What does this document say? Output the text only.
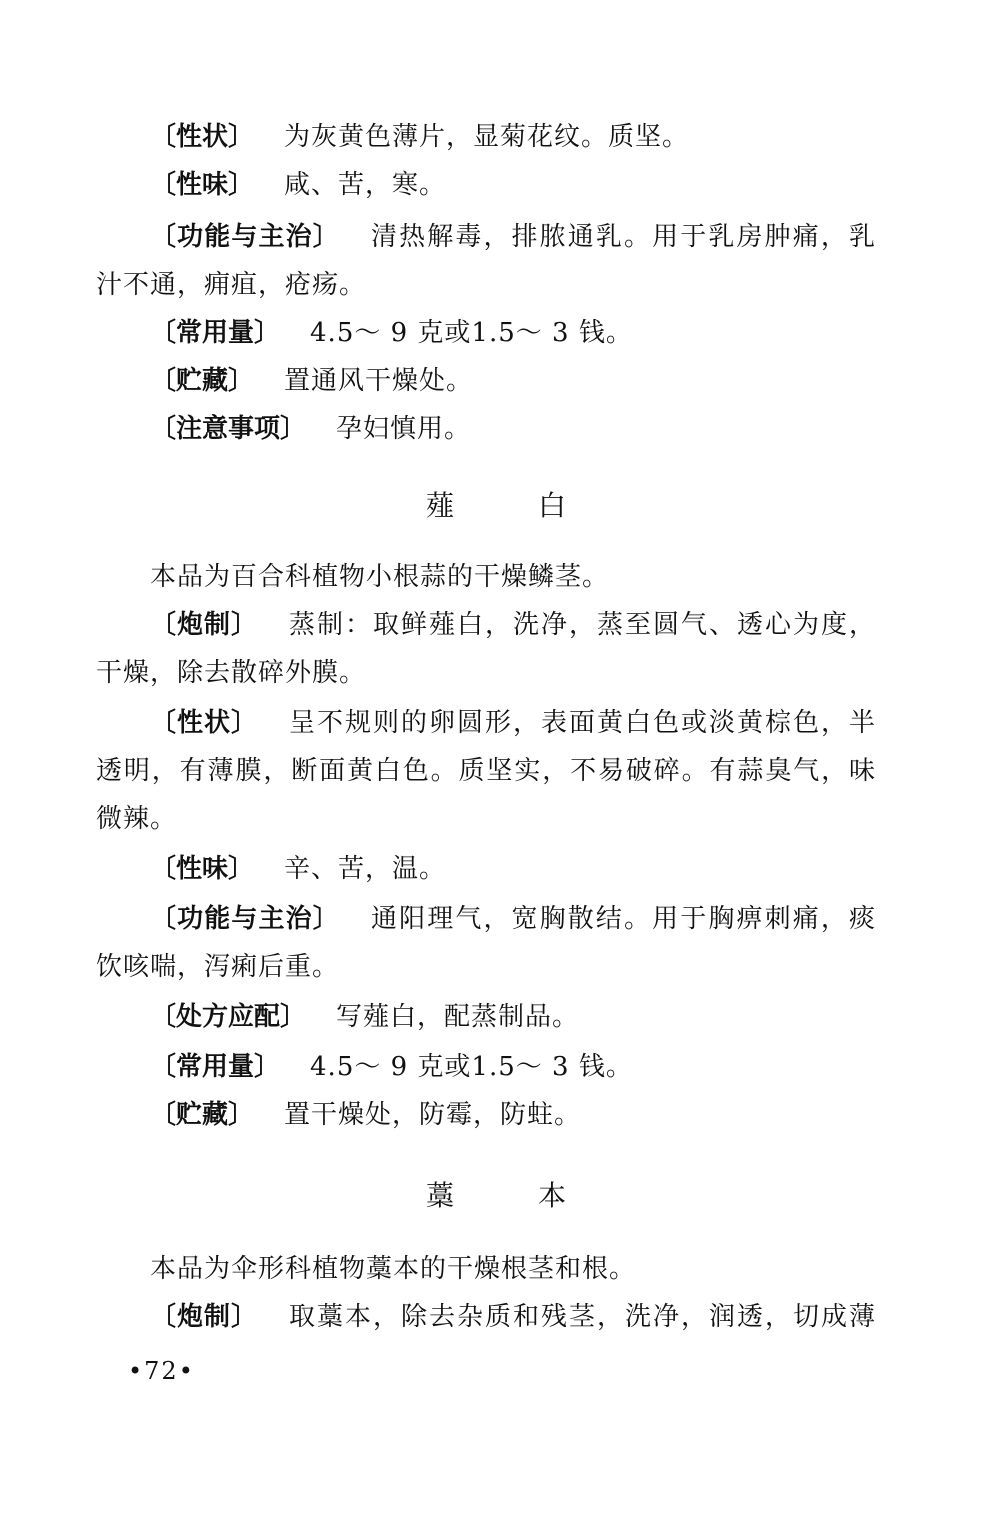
〔性状〕 为灰黄色薄片，显菊花纹。质坚。
〔性味〕 咸、苦，寒。
〔功能与主治〕 清热解毒，排脓通乳。用于乳房肿痛，乳
汁不通，痈疽，疮疡。
〔常用量〕 4.5～ 9 克或1.5～ 3 钱。
〔贮藏〕 置通风干燥处。
〔注意事项〕 孕妇慎用。
薤	白
本品为百合科植物小根蒜的干燥鳞茎。
〔炮制〕 蒸制：取鲜薤白，洗净，蒸至圆气、透心为度，
干燥，除去散碎外膜。
〔性状〕 呈不规则的卵圆形，表面黄白色或淡黄棕色，半
透明，有薄膜，断面黄白色。质坚实，不易破碎。有蒜臭气，味
微辣。
〔性味〕 辛、苦，温。
〔功能与主治〕 通阳理气，宽胸散结。用于胸痹刺痛，痰
饮咳喘，泻痢后重。
〔处方应配〕 写薤白，配蒸制品。
〔常用量〕 4.5～ 9 克或1.5～ 3 钱。
〔贮藏〕 置干燥处，防霉，防蛀。
藁	本
本品为伞形科植物藁本的干燥根茎和根。
〔炮制〕 取藁本，除去杂质和残茎，洗净，润透，切成薄
•72•
